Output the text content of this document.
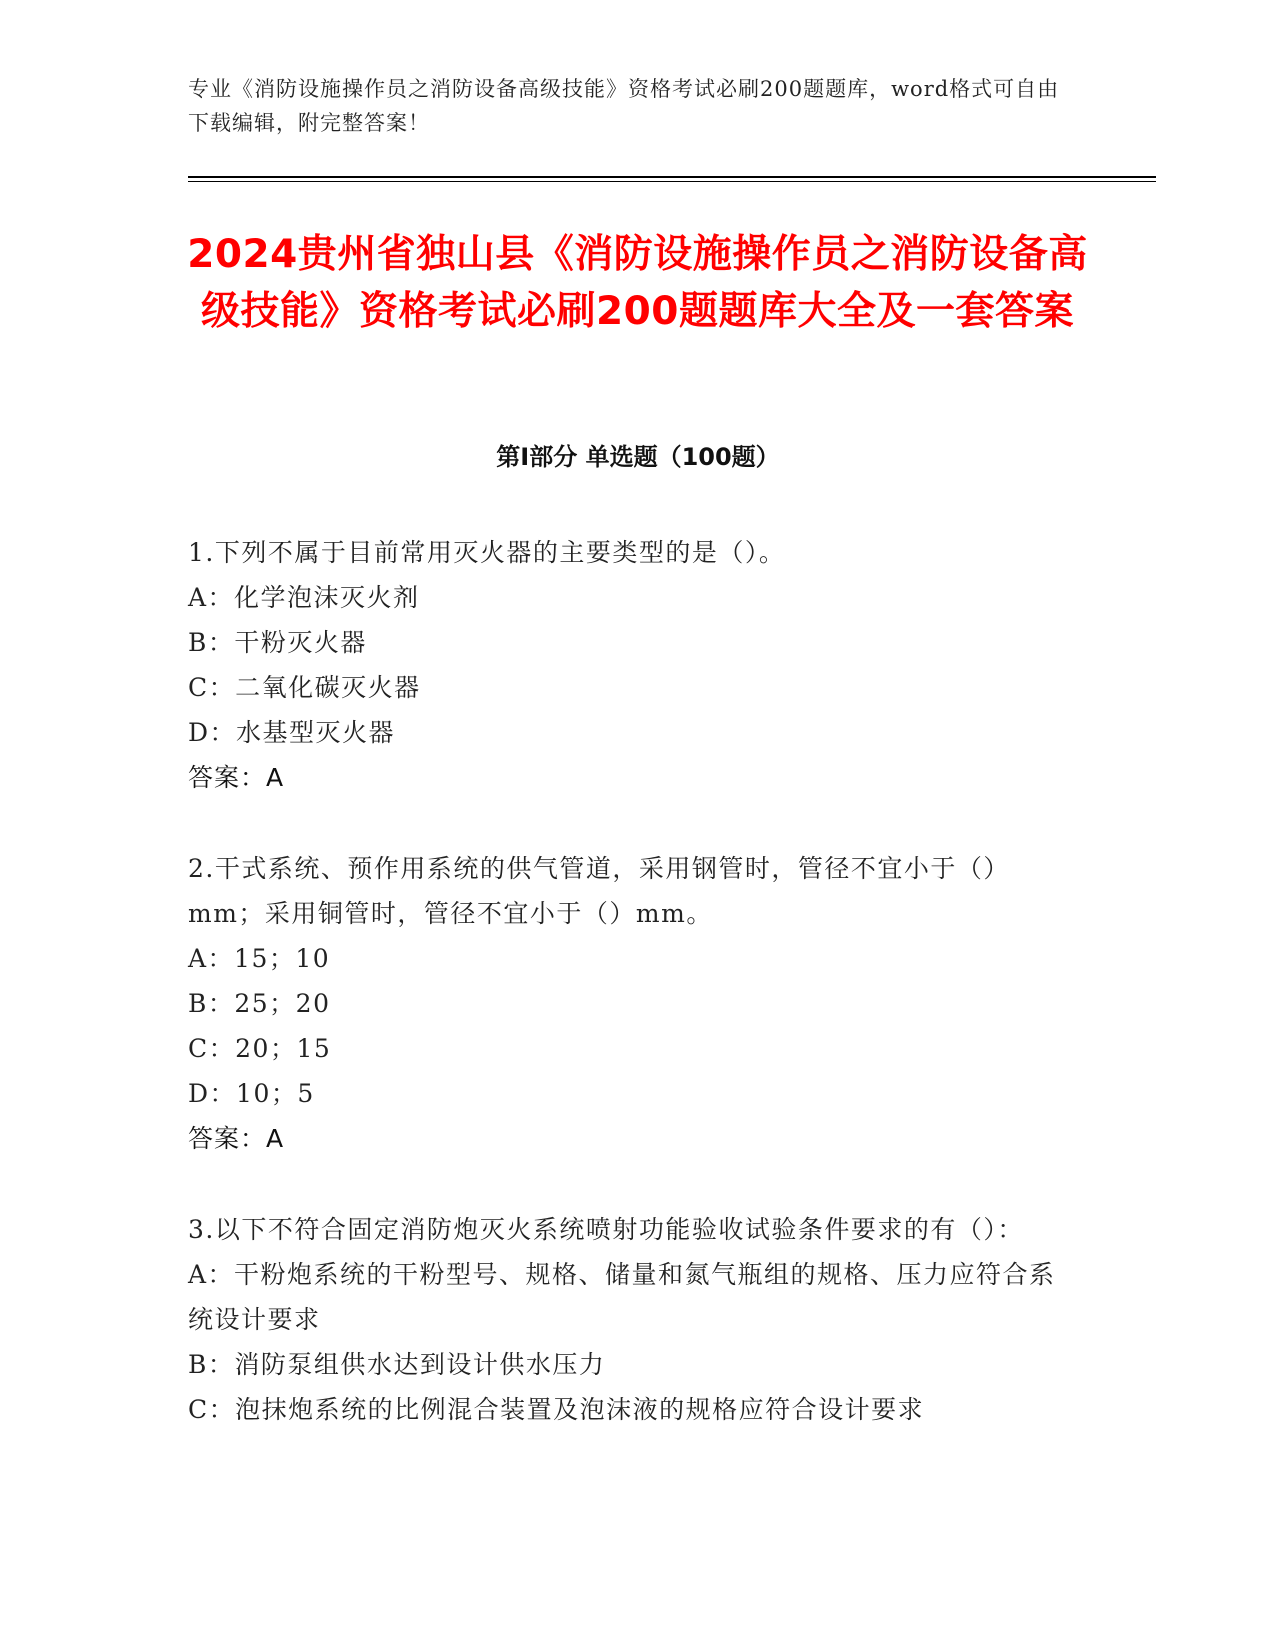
专业《消防设施操作员之消防设备高级技能》资格考试必刷200题题库，word格式可自由下载编辑，附完整答案！
2024贵州省独山县《消防设施操作员之消防设备高级技能》资格考试必刷200题题库大全及一套答案
第Ⅰ部分 单选题（100题）
1.下列不属于目前常用灭火器的主要类型的是（）。
A：化学泡沫灭火剂
B：干粉灭火器
C：二氧化碳灭火器
D：水基型灭火器
答案：A
2.干式系统、预作用系统的供气管道，采用钢管时，管径不宜小于（）mm；采用铜管时，管径不宜小于（）mm。
A：15；10
B：25；20
C：20；15
D：10；5
答案：A
3.以下不符合固定消防炮灭火系统喷射功能验收试验条件要求的有（）：
A：干粉炮系统的干粉型号、规格、储量和氮气瓶组的规格、压力应符合系统设计要求
B：消防泵组供水达到设计供水压力
C：泡抹炮系统的比例混合装置及泡沫液的规格应符合设计要求
